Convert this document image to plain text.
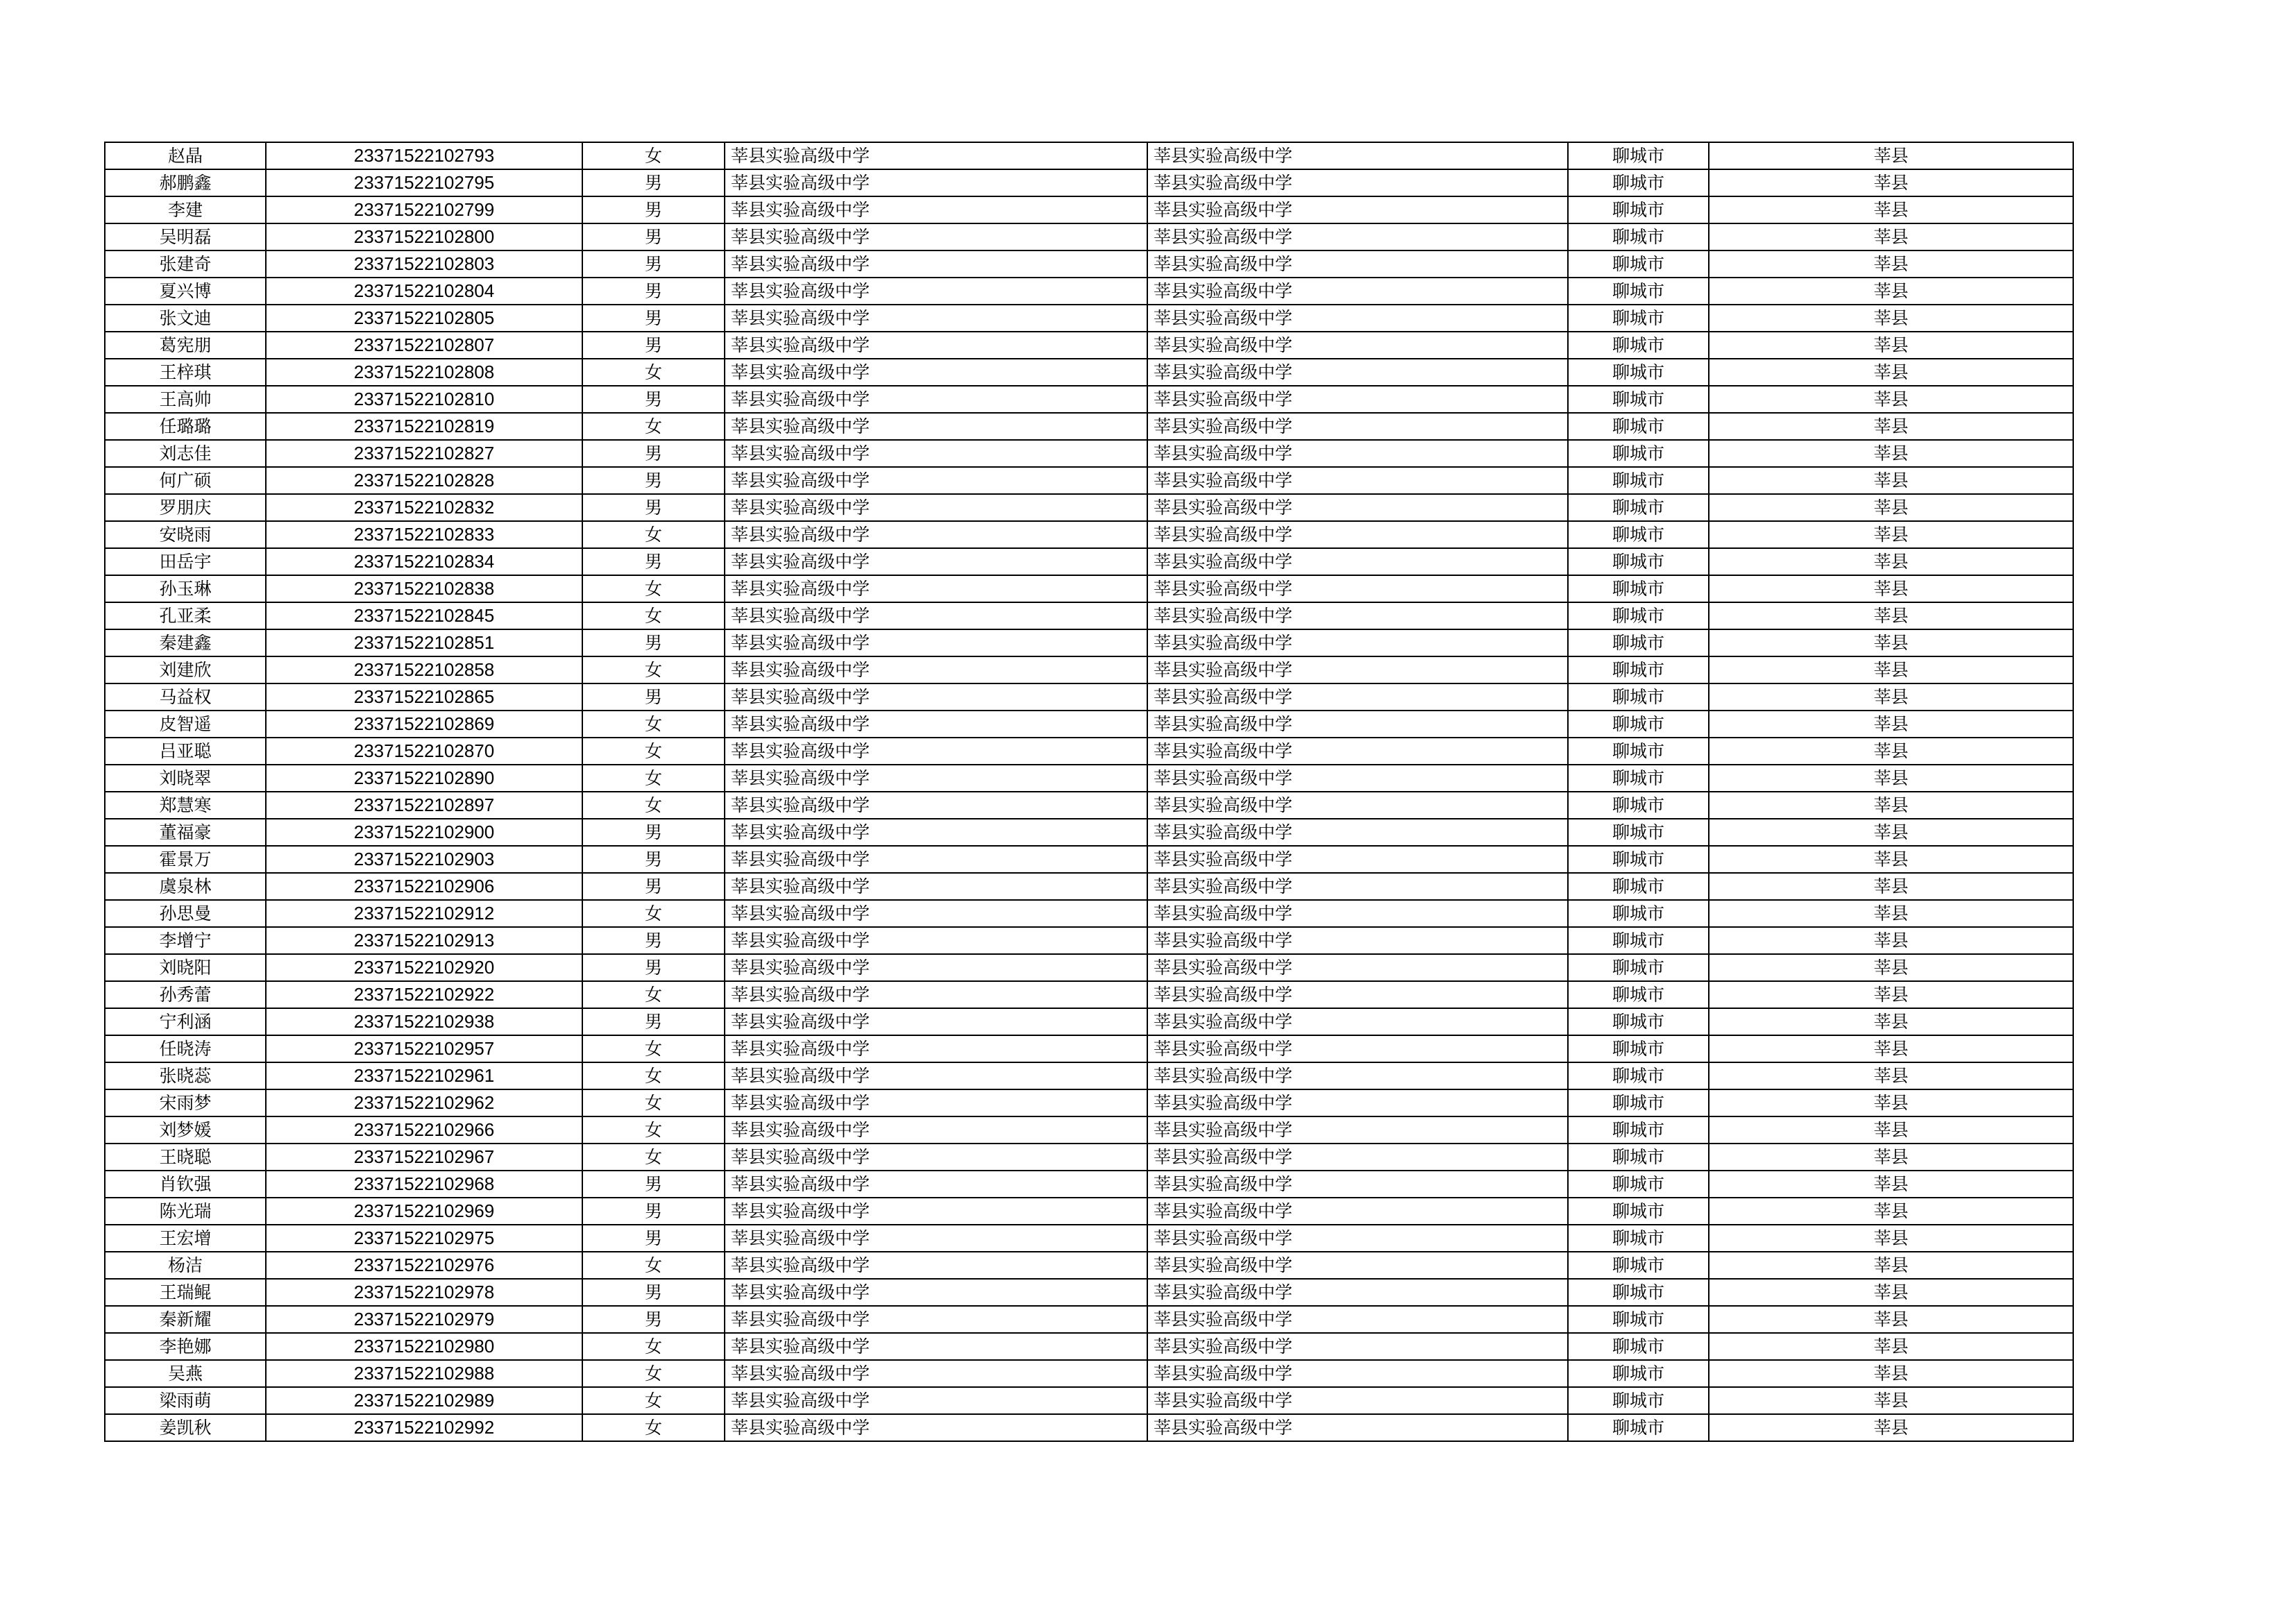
赵晶	23371522102793	女	莘县实验高级中学	莘县实验高级中学	聊城市	莘县
郝鹏鑫	23371522102795	男	莘县实验高级中学	莘县实验高级中学	聊城市	莘县
李建	23371522102799	男	莘县实验高级中学	莘县实验高级中学	聊城市	莘县
吴明磊	23371522102800	男	莘县实验高级中学	莘县实验高级中学	聊城市	莘县
张建奇	23371522102803	男	莘县实验高级中学	莘县实验高级中学	聊城市	莘县
夏兴博	23371522102804	男	莘县实验高级中学	莘县实验高级中学	聊城市	莘县
张文迪	23371522102805	男	莘县实验高级中学	莘县实验高级中学	聊城市	莘县
葛宪朋	23371522102807	男	莘县实验高级中学	莘县实验高级中学	聊城市	莘县
王梓琪	23371522102808	女	莘县实验高级中学	莘县实验高级中学	聊城市	莘县
王高帅	23371522102810	男	莘县实验高级中学	莘县实验高级中学	聊城市	莘县
任璐璐	23371522102819	女	莘县实验高级中学	莘县实验高级中学	聊城市	莘县
刘志佳	23371522102827	男	莘县实验高级中学	莘县实验高级中学	聊城市	莘县
何广硕	23371522102828	男	莘县实验高级中学	莘县实验高级中学	聊城市	莘县
罗朋庆	23371522102832	男	莘县实验高级中学	莘县实验高级中学	聊城市	莘县
安晓雨	23371522102833	女	莘县实验高级中学	莘县实验高级中学	聊城市	莘县
田岳宇	23371522102834	男	莘县实验高级中学	莘县实验高级中学	聊城市	莘县
孙玉琳	23371522102838	女	莘县实验高级中学	莘县实验高级中学	聊城市	莘县
孔亚柔	23371522102845	女	莘县实验高级中学	莘县实验高级中学	聊城市	莘县
秦建鑫	23371522102851	男	莘县实验高级中学	莘县实验高级中学	聊城市	莘县
刘建欣	23371522102858	女	莘县实验高级中学	莘县实验高级中学	聊城市	莘县
马益权	23371522102865	男	莘县实验高级中学	莘县实验高级中学	聊城市	莘县
皮智遥	23371522102869	女	莘县实验高级中学	莘县实验高级中学	聊城市	莘县
吕亚聪	23371522102870	女	莘县实验高级中学	莘县实验高级中学	聊城市	莘县
刘晓翠	23371522102890	女	莘县实验高级中学	莘县实验高级中学	聊城市	莘县
郑慧寒	23371522102897	女	莘县实验高级中学	莘县实验高级中学	聊城市	莘县
董福豪	23371522102900	男	莘县实验高级中学	莘县实验高级中学	聊城市	莘县
霍景万	23371522102903	男	莘县实验高级中学	莘县实验高级中学	聊城市	莘县
虞泉林	23371522102906	男	莘县实验高级中学	莘县实验高级中学	聊城市	莘县
孙思曼	23371522102912	女	莘县实验高级中学	莘县实验高级中学	聊城市	莘县
李增宁	23371522102913	男	莘县实验高级中学	莘县实验高级中学	聊城市	莘县
刘晓阳	23371522102920	男	莘县实验高级中学	莘县实验高级中学	聊城市	莘县
孙秀蕾	23371522102922	女	莘县实验高级中学	莘县实验高级中学	聊城市	莘县
宁利涵	23371522102938	男	莘县实验高级中学	莘县实验高级中学	聊城市	莘县
任晓涛	23371522102957	女	莘县实验高级中学	莘县实验高级中学	聊城市	莘县
张晓蕊	23371522102961	女	莘县实验高级中学	莘县实验高级中学	聊城市	莘县
宋雨梦	23371522102962	女	莘县实验高级中学	莘县实验高级中学	聊城市	莘县
刘梦媛	23371522102966	女	莘县实验高级中学	莘县实验高级中学	聊城市	莘县
王晓聪	23371522102967	女	莘县实验高级中学	莘县实验高级中学	聊城市	莘县
肖钦强	23371522102968	男	莘县实验高级中学	莘县实验高级中学	聊城市	莘县
陈光瑞	23371522102969	男	莘县实验高级中学	莘县实验高级中学	聊城市	莘县
王宏增	23371522102975	男	莘县实验高级中学	莘县实验高级中学	聊城市	莘县
杨洁	23371522102976	女	莘县实验高级中学	莘县实验高级中学	聊城市	莘县
王瑞鲲	23371522102978	男	莘县实验高级中学	莘县实验高级中学	聊城市	莘县
秦新耀	23371522102979	男	莘县实验高级中学	莘县实验高级中学	聊城市	莘县
李艳娜	23371522102980	女	莘县实验高级中学	莘县实验高级中学	聊城市	莘县
吴燕	23371522102988	女	莘县实验高级中学	莘县实验高级中学	聊城市	莘县
梁雨萌	23371522102989	女	莘县实验高级中学	莘县实验高级中学	聊城市	莘县
姜凯秋	23371522102992	女	莘县实验高级中学	莘县实验高级中学	聊城市	莘县
